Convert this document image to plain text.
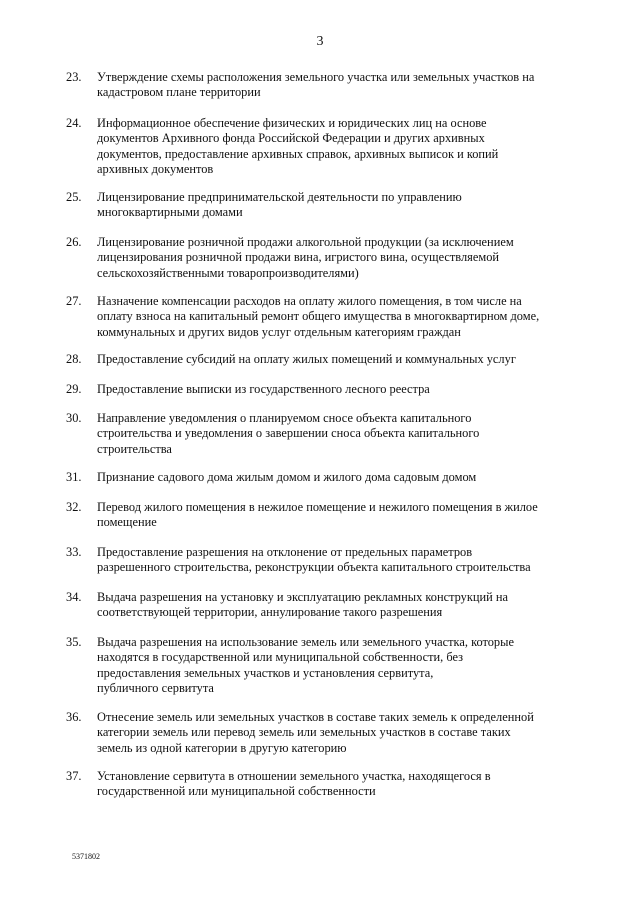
3
23.	Утверждение схемы расположения земельного участка или земельных участков на
кадастровом плане территории
24.	Информационное обеспечение физических и юридических лиц на основе
документов Архивного фонда Российской Федерации и других архивных
документов, предоставление архивных справок, архивных выписок и копий
архивных документов
25.	Лицензирование предпринимательской деятельности по управлению
многоквартирными домами
26.	Лицензирование розничной продажи алкогольной продукции (за исключением
лицензирования розничной продажи вина, игристого вина, осуществляемой
сельскохозяйственными товаропроизводителями)
27.	Назначение компенсации расходов на оплату жилого помещения, в том числе на
оплату взноса на капитальный ремонт общего имущества в многоквартирном доме,
коммунальных и других видов услуг отдельным категориям граждан
28.	Предоставление субсидий на оплату жилых помещений и коммунальных услуг
29.	Предоставление выписки из государственного лесного реестра
30.	Направление уведомления о планируемом сносе объекта капитального
строительства и уведомления о завершении сноса объекта капитального
строительства
31.	Признание садового дома жилым домом и жилого дома садовым домом
32.	Перевод жилого помещения в нежилое помещение и нежилого помещения в жилое
помещение
33.	Предоставление разрешения на отклонение от предельных параметров
разрешенного строительства, реконструкции объекта капитального строительства
34.	Выдача разрешения на установку и эксплуатацию рекламных конструкций на
соответствующей территории, аннулирование такого разрешения
35.	Выдача разрешения на использование земель или земельного участка, которые
находятся в государственной или муниципальной собственности, без
предоставления земельных участков и установления сервитута,
публичного сервитута
36.	Отнесение земель или земельных участков в составе таких земель к определенной
категории земель или перевод земель или земельных участков в составе таких
земель из одной категории в другую категорию
37.	Установление сервитута в отношении земельного участка, находящегося в
государственной или муниципальной собственности
5371802
